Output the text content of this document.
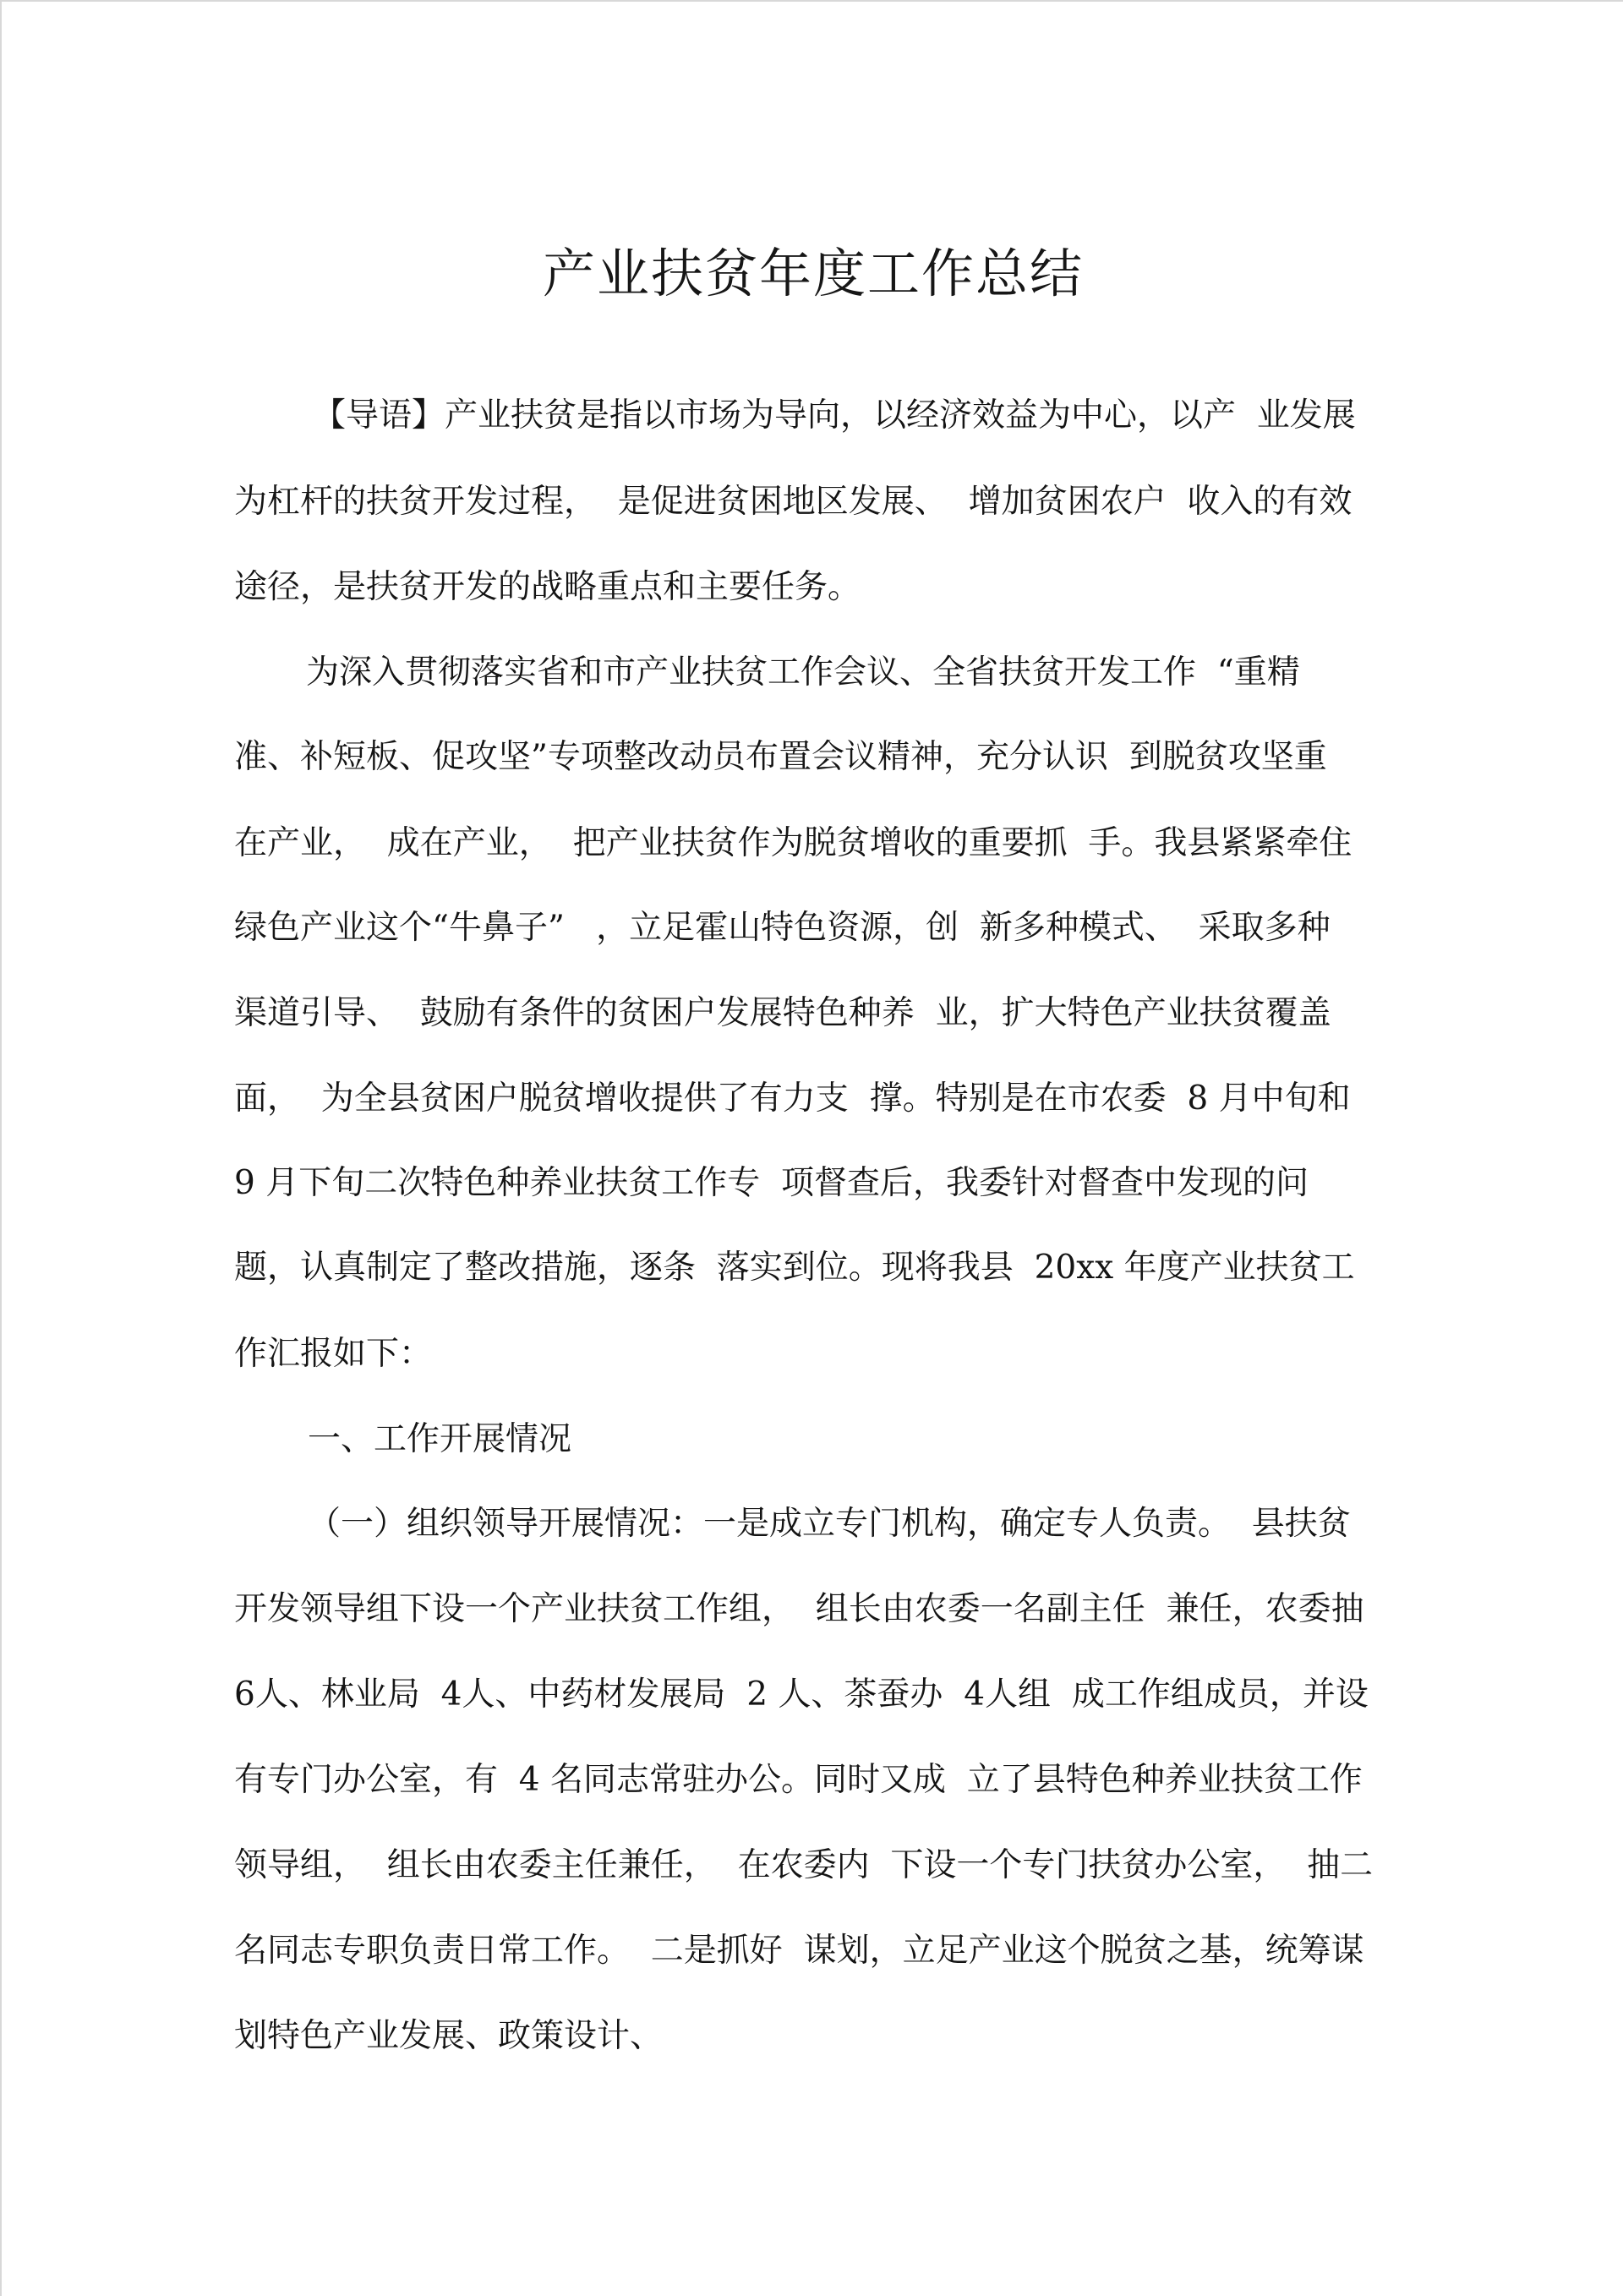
产业扶贫年度工作总结
【导语】产业扶贫是指以市场为导向，以经济效益为中心，以产  业发展
为杠杆的扶贫开发过程，  是促进贫困地区发展、  增加贫困农户  收入的有效
途径，是扶贫开发的战略重点和主要任务。
为深入贯彻落实省和市产业扶贫工作会议、全省扶贫开发工作  “重精
准、补短板、促攻坚”专项整改动员布置会议精神，充分认识  到脱贫攻坚重
在产业，  成在产业，  把产业扶贫作为脱贫增收的重要抓  手。我县紧紧牵住
绿色产业这个“牛鼻子”   ，立足霍山特色资源，创  新多种模式、  采取多种
渠道引导、  鼓励有条件的贫困户发展特色种养  业，扩大特色产业扶贫覆盖
面，  为全县贫困户脱贫增收提供了有力支  撑。特别是在市农委  8 月中旬和
9 月下旬二次特色种养业扶贫工作专  项督查后，我委针对督查中发现的问
题，认真制定了整改措施，逐条  落实到位。现将我县  20xx 年度产业扶贫工
作汇报如下：
一、工作开展情况
（一）组织领导开展情况：一是成立专门机构，确定专人负责。  县扶贫
开发领导组下设一个产业扶贫工作组，  组长由农委一名副主任  兼任，农委抽
6人、林业局  4人、中药材发展局  2 人、茶蚕办  4人组  成工作组成员，并设
有专门办公室，有  4 名同志常驻办公。同时又成  立了县特色种养业扶贫工作
领导组，  组长由农委主任兼任，  在农委内  下设一个专门扶贫办公室，  抽二
名同志专职负责日常工作。  二是抓好  谋划，立足产业这个脱贫之基，统筹谋
划特色产业发展、政策设计、
